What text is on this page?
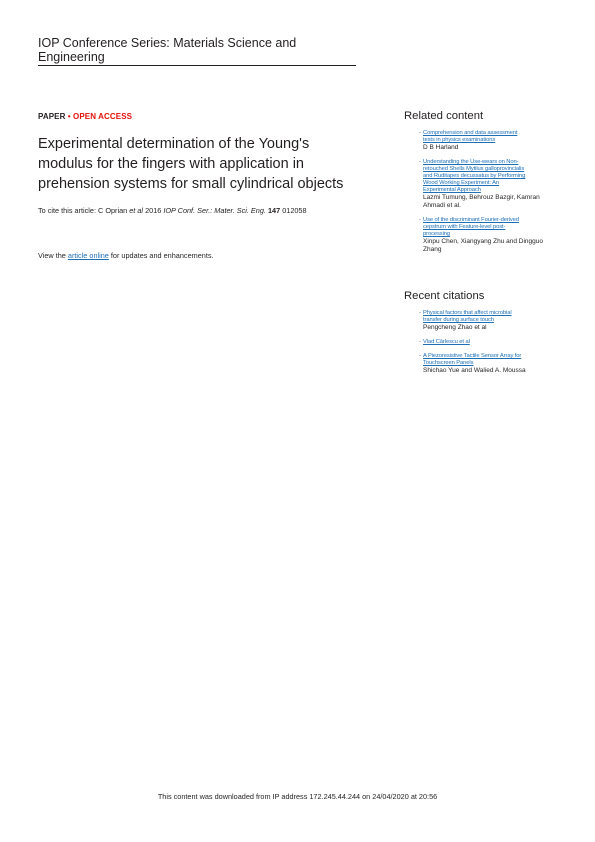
IOP Conference Series: Materials Science and Engineering
PAPER • OPEN ACCESS
Experimental determination of the Young's
modulus for the fingers with application in
prehension systems for small cylindrical objects
To cite this article: C Oprian et al 2016 IOP Conf. Ser.: Mater. Sci. Eng. 147 012058
View the article online for updates and enhancements.
Related content
- Comprehension and data assessment
tests in physics examinations
D B Harland
- Understanding the Use-wears on Non-
retouched Shells Mytilus galloprovincialis
and Ruditapes decussatus by Performing
Wood Working Experiment: An
Experimental Approach
Lazmi Tumung, Behrouz Bazgir, Kamran
Ahmadi et al.
- Use of the discriminant Fourier-derived
cepstrum with Feature-level post-
processing
Xinpu Chen, Xiangyang Zhu and Dingguo
Zhang
Recent citations
- Physical factors that affect microbial
transfer during surface touch
Pengcheng Zhao et al
- Vlad Cârlescu et al
- A Piezoresistive Tactile Sensor Array for
Touchscreen Panels
Shichao Yue and Walied A. Moussa
This content was downloaded from IP address 172.245.44.244 on 24/04/2020 at 20:56
